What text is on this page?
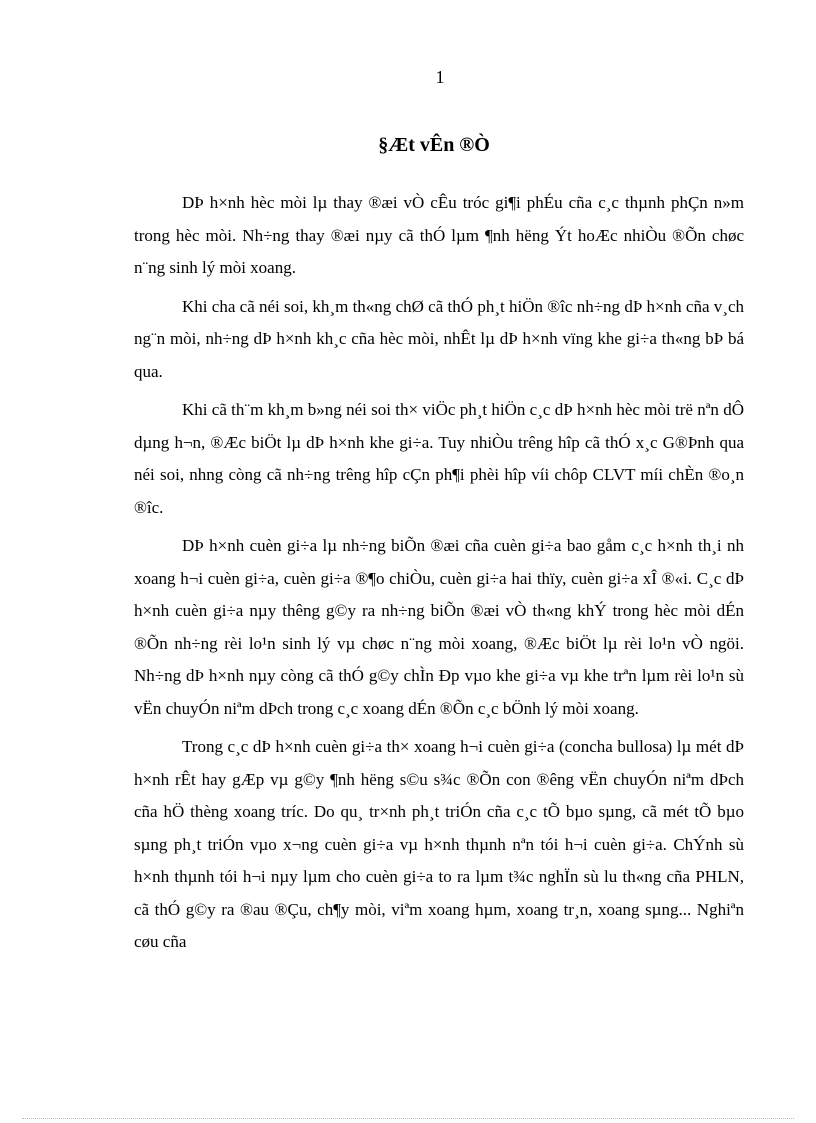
1
§Æt vÊn ®Ò

DÞ h×nh hèc mòi lµ thay ®æi vÒ cÊu tróc gi¶i phÉu cña c¸c thµnh phÇn n»m trong hèc mòi. Nh÷ng thay ®æi nµy cã thÓ lµm ¶nh hëng Ýt hoÆc nhiÒu ®Õn chøc n¨ng sinh lý mòi xoang.

Khi cha cã néi soi, kh¸m th«ng chØ cã thÓ ph¸t hiÖn ®îc nh÷ng dÞ h×nh cña v¸ch ng¨n mòi, nh÷ng dÞ h×nh kh¸c cña hèc mòi, nhÊt lµ dÞ h×nh vïng khe gi÷a th«ng bÞ bá qua.

Khi cã th¨m kh¸m b»ng néi soi th× viÖc ph¸t hiÖn c¸c dÞ h×nh hèc mòi trë nªn dÔ dµng h¬n, ®Æc biÖt lµ dÞ h×nh khe gi÷a. Tuy nhiÒu trêng hîp cã thÓ x¸c G®Þnh qua néi soi, nhng còng cã nh÷ng trêng hîp cÇn ph¶i phèi hîp víi chôp CLVT míi chÈn ®o¸n ®îc.

DÞ h×nh cuèn gi÷a lµ nh÷ng biÕn ®æi cña cuèn gi÷a bao gåm c¸c h×nh th¸i nh xoang h¬i cuèn gi÷a, cuèn gi÷a ®¶o chiÒu, cuèn gi÷a hai thïy, cuèn gi÷a xÎ ®«i. C¸c dÞ h×nh cuèn gi÷a nµy thêng g©y ra nh÷ng biÕn ®æi vÒ th«ng khÝ trong hèc mòi dÉn ®Õn nh÷ng rèi lo¹n sinh lý vµ chøc n¨ng mòi xoang, ®Æc biÖt lµ rèi lo¹n vÒ ngöi. Nh÷ng dÞ h×nh nµy còng cã thÓ g©y chÌn Ðp vµo khe gi÷a vµ khe trªn lµm rèi lo¹n sù vËn chuyÓn niªm dÞch trong c¸c xoang dÉn ®Õn c¸c bÖnh lý mòi xoang.

Trong c¸c dÞ h×nh cuèn gi÷a th× xoang h¬i cuèn gi÷a (concha bullosa) lµ mét dÞ h×nh rÊt hay gÆp vµ g©y ¶nh hëng s©u s¾c ®Õn con ®êng vËn chuyÓn niªm dÞch cña hÖ thèng xoang tríc. Do qu¸ tr×nh ph¸t triÓn cña c¸c tÕ bµo sµng, cã mét tÕ bµo sµng ph¸t triÓn vµo x¬ng cuèn gi÷a vµ h×nh thµnh nªn tói h¬i cuèn gi÷a. ChÝnh sù h×nh thµnh tói h¬i nµy lµm cho cuèn gi÷a to ra lµm t¾c nghÏn sù lu th«ng cña PHLN, cã thÓ g©y ra ®au ®Çu, ch¶y mòi, viªm xoang hµm, xoang tr¸n, xoang sµng... Nghiªn cøu cña
